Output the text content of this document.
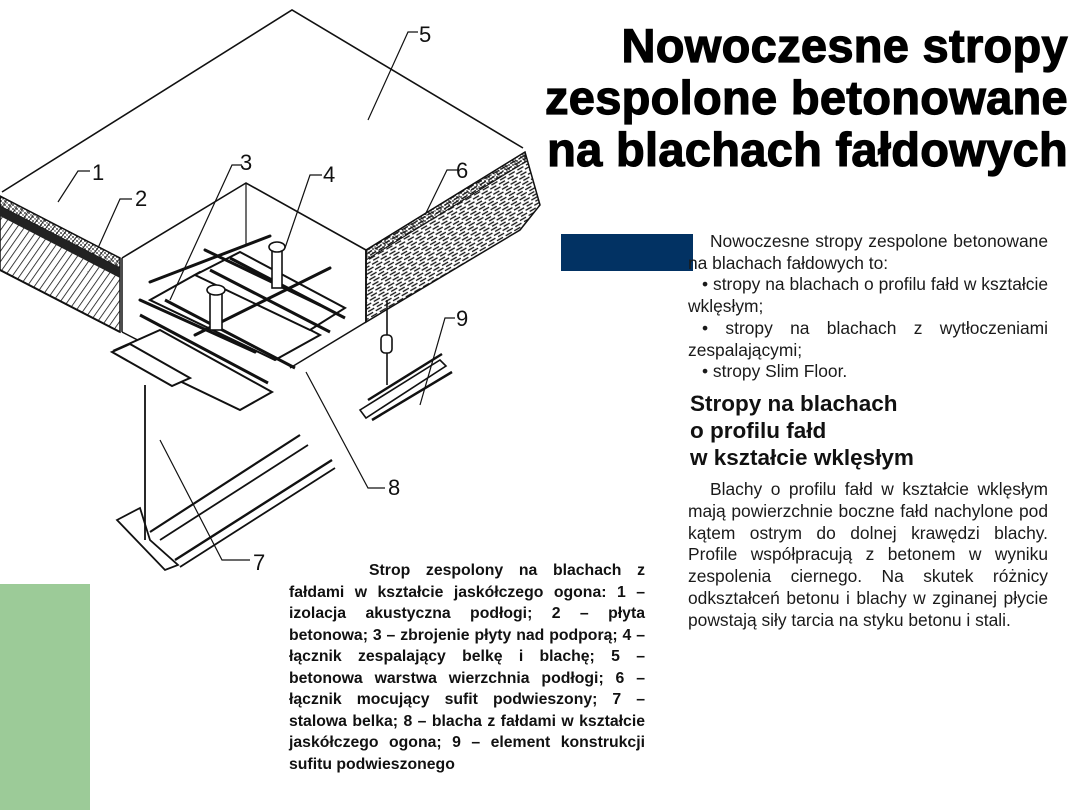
5
1
2
3	4	6
9
8
7
Nowoczesne stropy
zespolone betonowane
na blachach fałdowych

Nowoczesne stropy zespolone betonowane na blachach fałdowych to:

• stropy na blachach o profilu fałd w kształcie wklęsłym;

• stropy na blachach z wytłoczeniami zespalającymi;

• stropy Slim Floor.

Stropy na blachach
o profilu fałd
w kształcie wklęsłym

Blachy o profilu fałd w kształcie wklęsłym mają powierzchnie boczne fałd nachylone pod kątem ostrym do dolnej krawędzi blachy. Profile współpracują z betonem w wyniku zespolenia ciernego. Na skutek różnicy odkształceń betonu i blachy w zginanej płycie powstają siły tarcia na styku betonu i stali.

Strop zespolony na blachach z fałdami w kształcie jaskółczego ogona: 1 – izolacja akustyczna podłogi; 2 – płyta betonowa; 3 – zbrojenie płyty nad podporą; 4 – łącznik zespalający belkę i blachę; 5 – betonowa warstwa wierzchnia podłogi; 6 – łącznik mocujący sufit podwieszony; 7 – stalowa belka; 8 – blacha z fałdami w kształcie jaskółczego ogona; 9 – element konstrukcji sufitu podwieszonego
